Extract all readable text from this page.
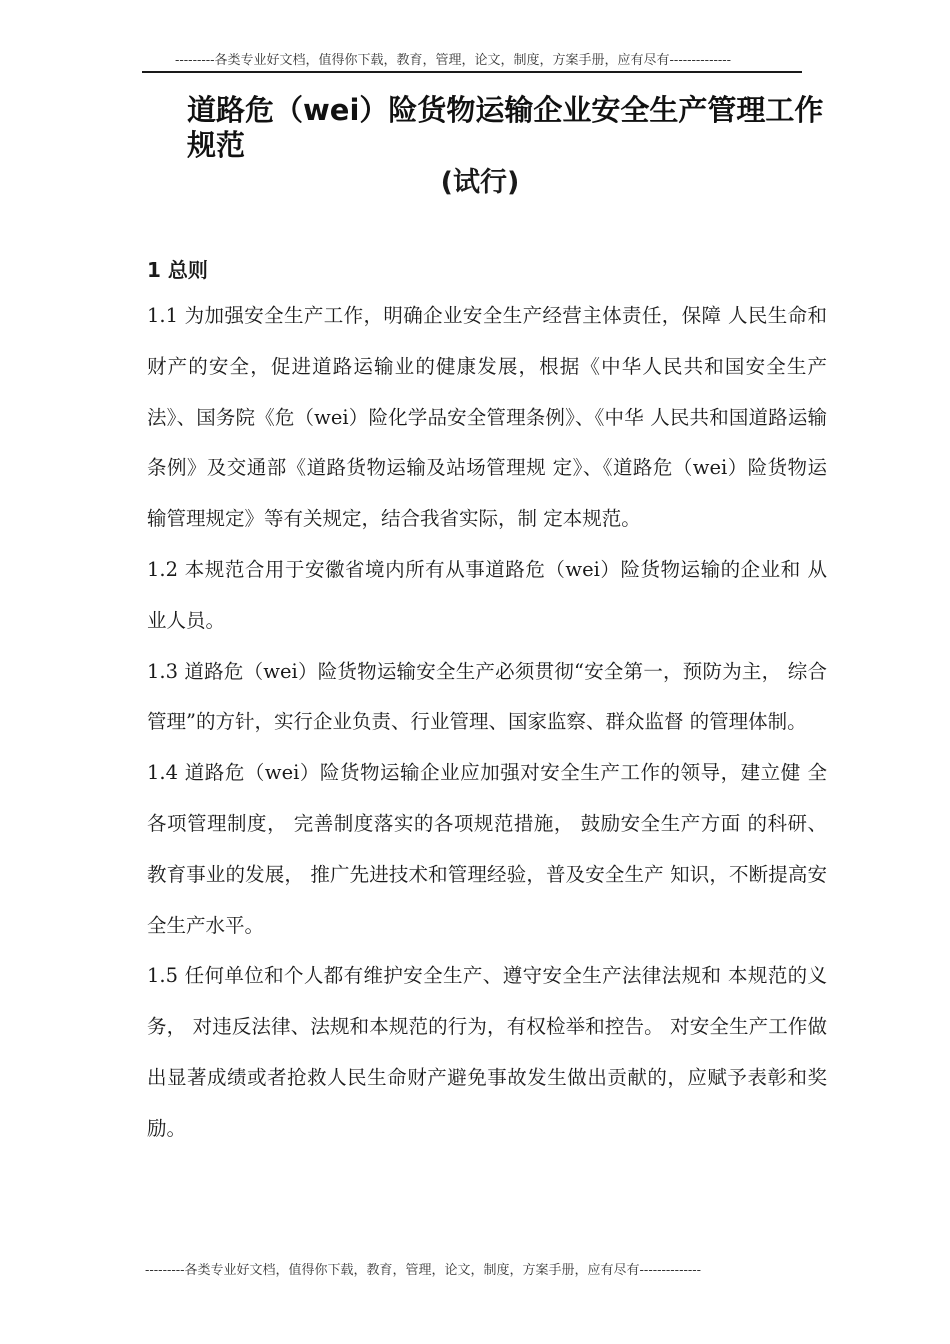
---------各类专业好文档，值得你下载，教育，管理，论文，制度，方案手册，应有尽有--------------
道路危（wei）险货物运输企业安全生产管理工作规范
(试行)
1 总则

1.1 为加强安全生产工作，明确企业安全生产经营主体责任，保障 人民生命和财产的安全，促进道路运输业的健康发展，根据《中华人民共和国安全生产法》、国务院《危（wei）险化学品安全管理条例》、《中华 人民共和国道路运输条例》及交通部《道路货物运输及站场管理规 定》、《道路危（wei）险货物运输管理规定》等有关规定，结合我省实际，制 定本规范。

1.2 本规范合用于安徽省境内所有从事道路危（wei）险货物运输的企业和 从业人员。

1.3 道路危（wei）险货物运输安全生产必须贯彻“安全第一，预防为主， 综合管理”的方针，实行企业负责、行业管理、国家监察、群众监督 的管理体制。

1.4 道路危（wei）险货物运输企业应加强对安全生产工作的领导，建立健 全各项管理制度， 完善制度落实的各项规范措施， 鼓励安全生产方面 的科研、教育事业的发展， 推广先进技术和管理经验，普及安全生产 知识，不断提高安全生产水平。

1.5 任何单位和个人都有维护安全生产、遵守安全生产法律法规和 本规范的义务， 对违反法律、法规和本规范的行为，有权检举和控告。 对安全生产工作做出显著成绩或者抢救人民生命财产避免事故发生做出贡献的，应赋予表彰和奖励。

---------各类专业好文档，值得你下载，教育，管理，论文，制度，方案手册，应有尽有--------------
